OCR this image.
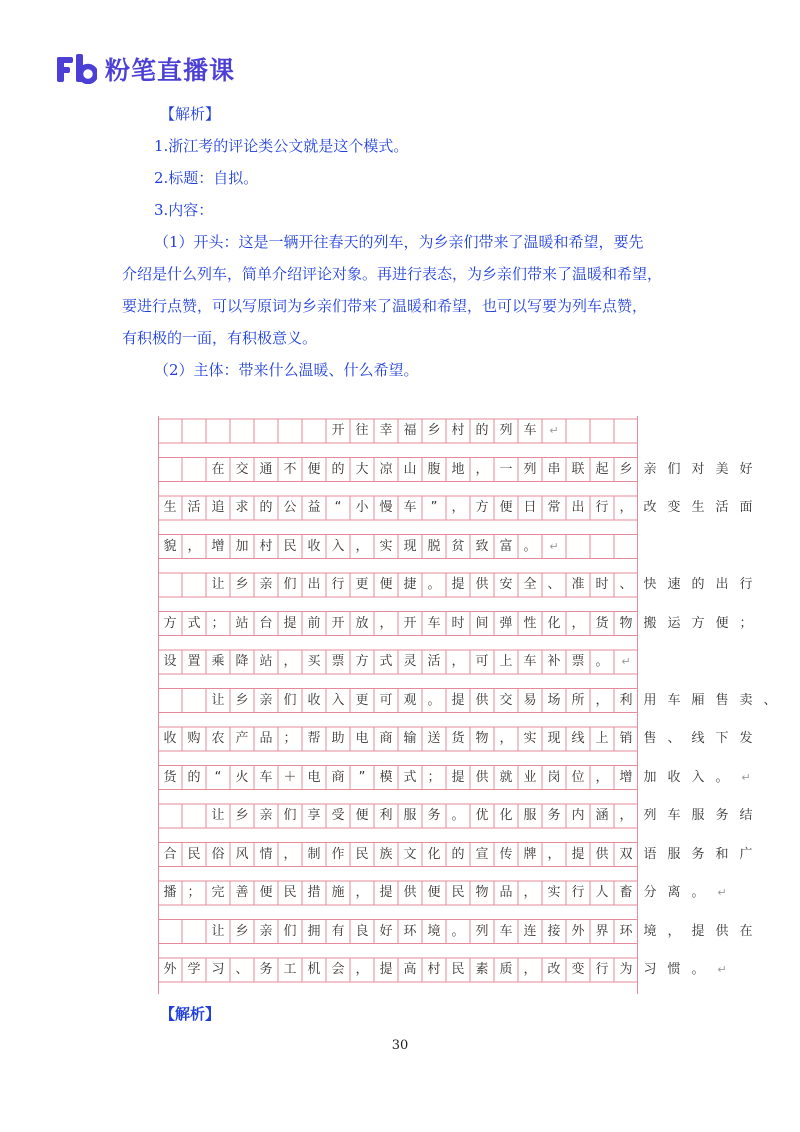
粉笔直播课
【解析】
1.浙江考的评论类公文就是这个模式。
2.标题：自拟。
3.内容：
（1）开头：这是一辆开往春天的列车，为乡亲们带来了温暖和希望，要先
介绍是什么列车，简单介绍评论对象。再进行表态，为乡亲们带来了温暖和希望，
要进行点赞，可以写原词为乡亲们带来了温暖和希望，也可以写要为列车点赞，
有积极的一面，有积极意义。
（2）主体：带来什么温暖、什么希望。
开 往 幸 福 乡 村 的 列 车	↵
在 交 通 不 便 的 大 凉 山 腹 地 ， 一 列 串 联 起 乡 亲 们 对 美 好
生 活 追 求 的 公 益	“	小 慢 车	”	， 方 便 日 常 出 行 ， 改 变 生 活 面
貌 ， 增 加 村 民 收 入 ， 实 现 脱 贫 致 富 。	↵
让 乡 亲 们 出 行 更 便 捷 。 提 供 安 全 、 准 时 、 快 速 的 出 行
方 式 ； 站 台 提 前 开 放 ， 开 车 时 间 弹 性 化 ， 货 物 搬 运 方 便 ；
设 置 乘 降 站 ， 买 票 方 式 灵 活 ， 可 上 车 补 票 。	↵
让 乡 亲 们 收 入 更 可 观 。 提 供 交 易 场 所 ， 利 用 车 厢 售 卖 、
收 购 农 产 品 ； 帮 助 电 商 输 送 货 物 ， 实 现 线 上 销 售 、 线 下 发
货 的	“	火 车 ＋ 电 商	”	模 式 ； 提 供 就 业 岗 位 ， 增 加 收 入 。	↵
让 乡 亲 们 享 受 便 利 服 务 。 优 化 服 务 内 涵 ， 列 车 服 务 结
合 民 俗 风 情 ， 制 作 民 族 文 化 的 宣 传 牌 ， 提 供 双 语 服 务 和 广
播 ； 完 善 便 民 措 施 ， 提 供 便 民 物 品 ， 实 行 人 畜 分 离 。	↵
让 乡 亲 们 拥 有 良 好 环 境 。 列 车 连 接 外 界 环 境 ， 提 供 在
外 学 习 、 务 工 机 会 ， 提 高 村 民 素 质 ， 改 变 行 为 习 惯 。	↵
【解析】
30
